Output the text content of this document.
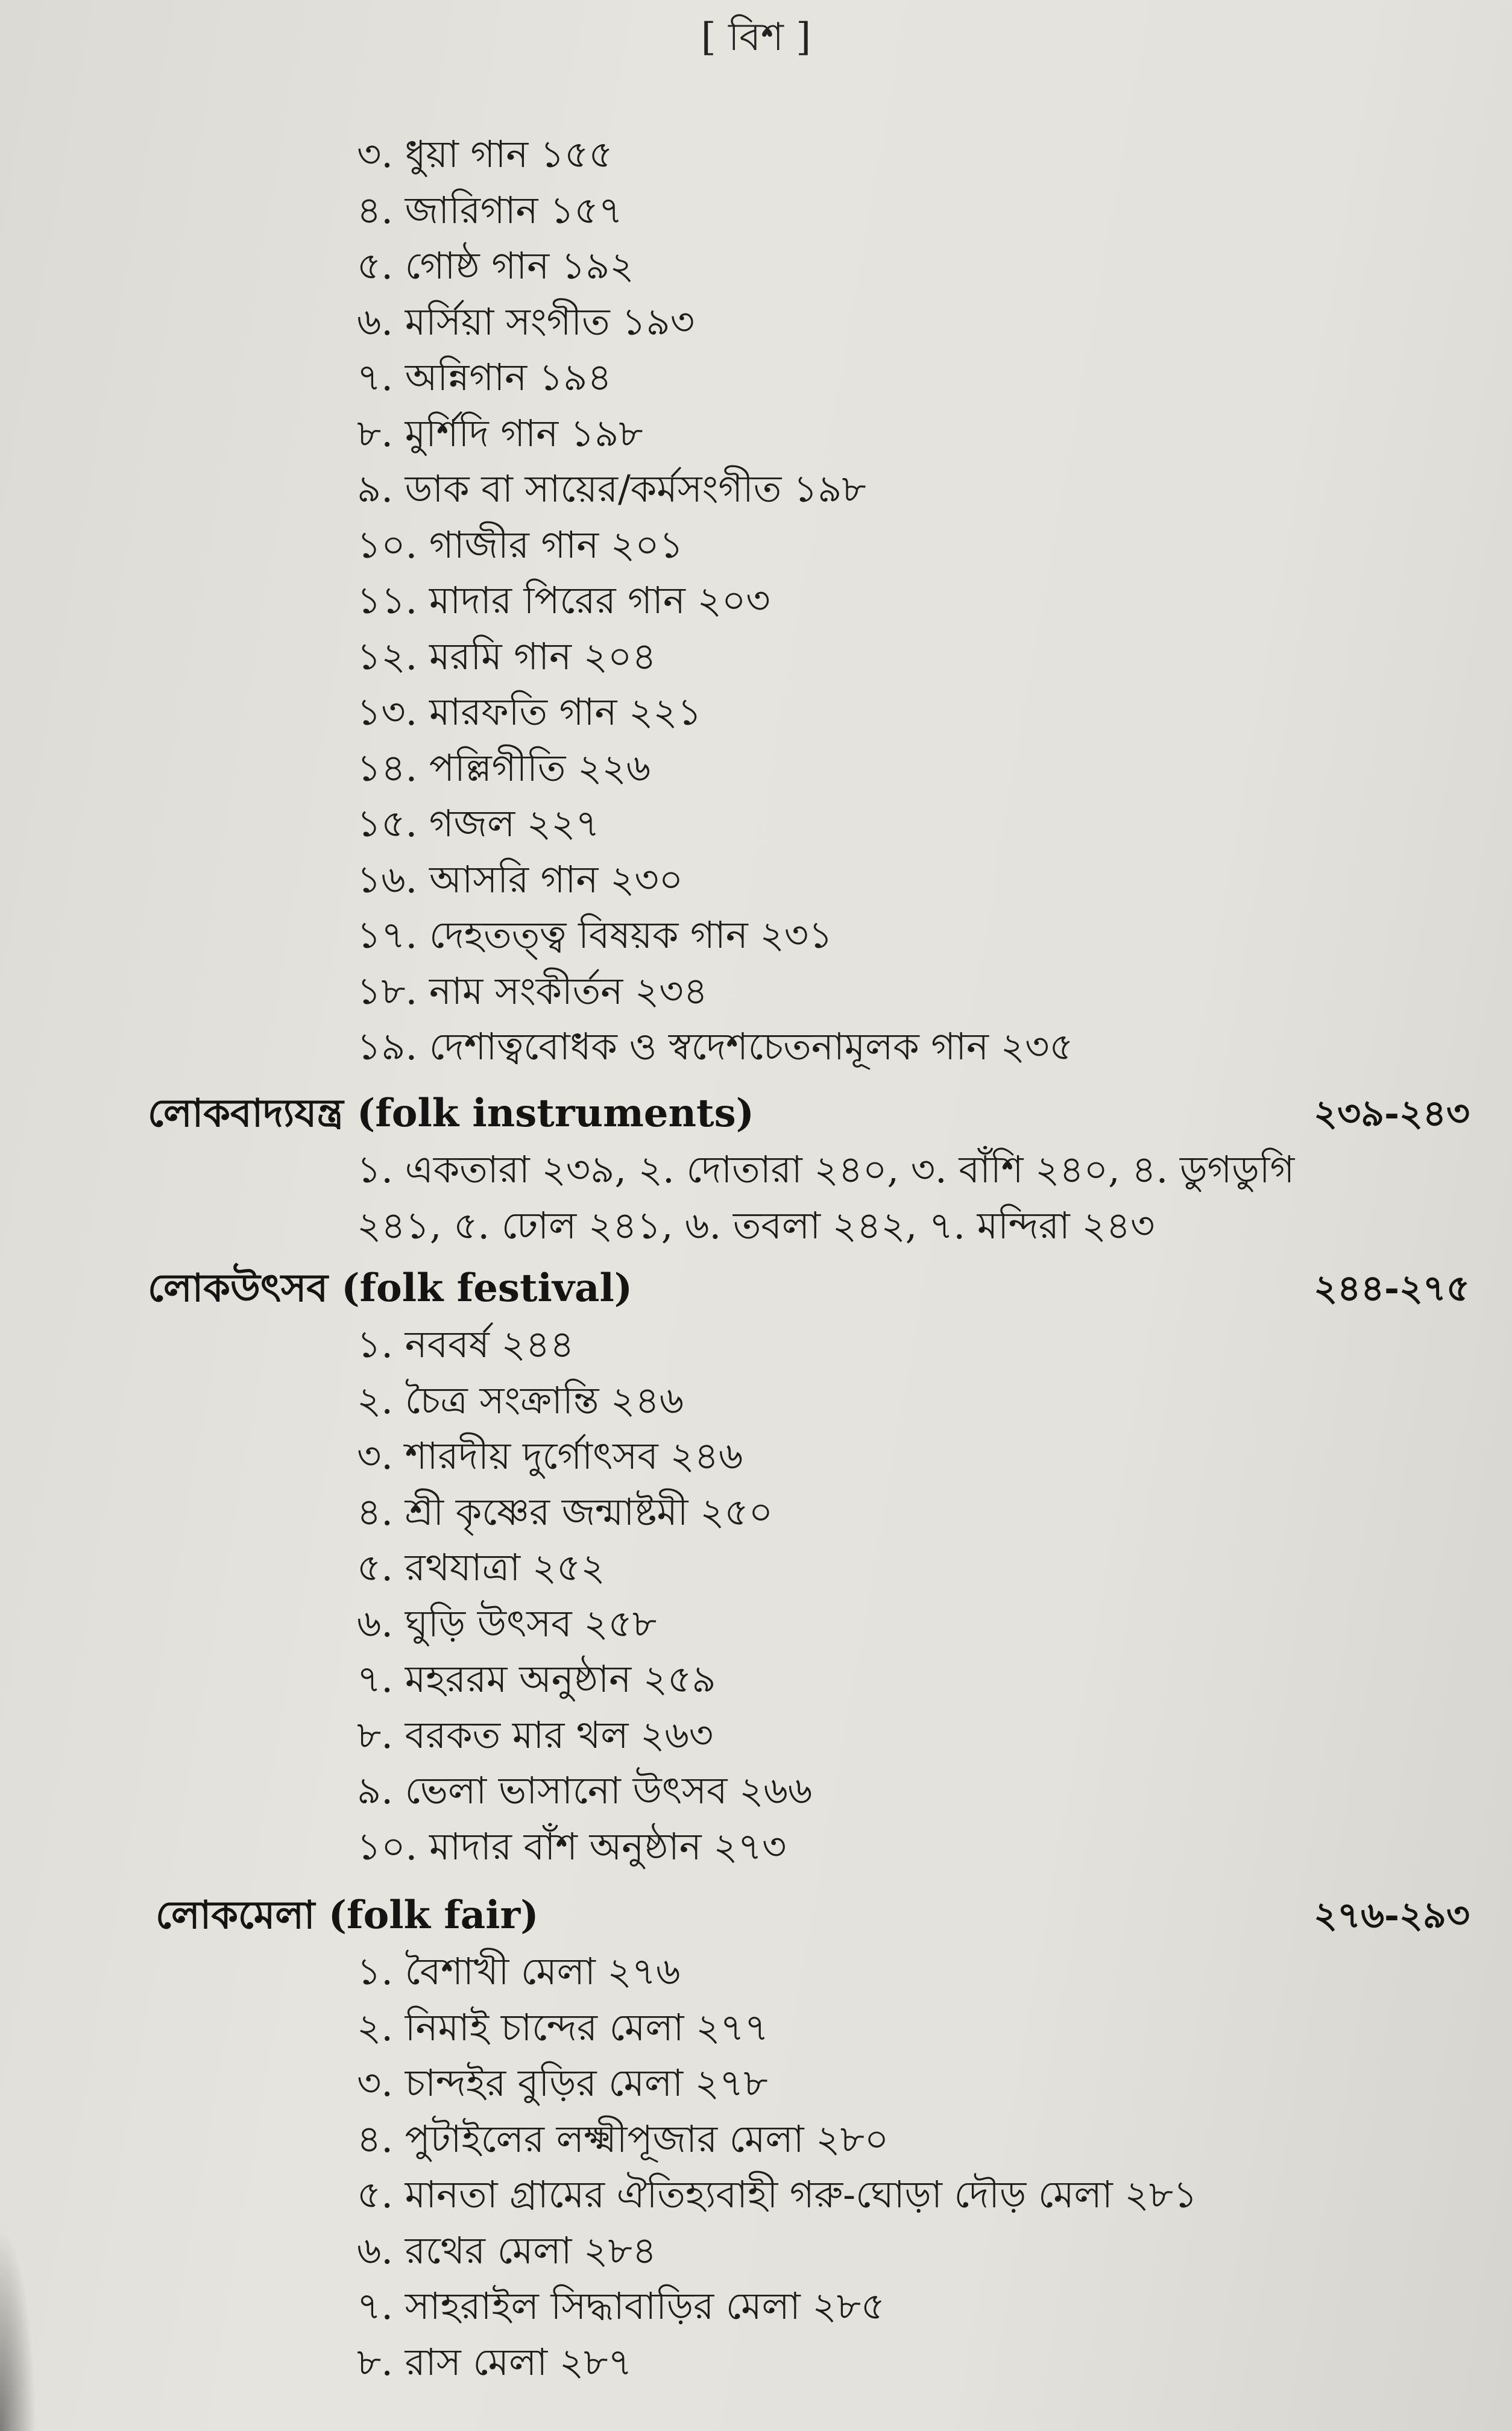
[ বিশ ]
৩. ধুয়া গান ১৫৫
৪. জারিগান ১৫৭
৫. গোষ্ঠ গান ১৯২
৬. মর্সিয়া সংগীত ১৯৩
৭. অন্নিগান ১৯৪
৮. মুর্শিদি গান ১৯৮
৯. ডাক বা সায়ের/কর্মসংগীত ১৯৮
১০. গাজীর গান ২০১
১১. মাদার পিরের গান ২০৩
১২. মরমি গান ২০৪
১৩. মারফতি গান ২২১
১৪. পল্লিগীতি ২২৬
১৫. গজল ২২৭
১৬. আসরি গান ২৩০
১৭. দেহতত্ত্ব বিষয়ক গান ২৩১
১৮. নাম সংকীর্তন ২৩৪
১৯. দেশাত্ববোধক ও স্বদেশচেতনামূলক গান ২৩৫
লোকবাদ্যযন্ত্র (folk instruments)	২৩৯-২৪৩
১. একতারা ২৩৯, ২. দোতারা ২৪০, ৩. বাঁশি ২৪০, ৪. ডুগডুগি
২৪১, ৫. ঢোল ২৪১, ৬. তবলা ২৪২, ৭. মন্দিরা ২৪৩
লোকউৎসব (folk festival)	২৪৪-২৭৫
১. নববর্ষ ২৪৪
২. চৈত্র সংক্রান্তি ২৪৬
৩. শারদীয় দুর্গোৎসব ২৪৬
৪. শ্রী কৃষ্ণের জন্মাষ্টমী ২৫০
৫. রথযাত্রা ২৫২
৬. ঘুড়ি উৎসব ২৫৮
৭. মহররম অনুষ্ঠান ২৫৯
৮. বরকত মার থল ২৬৩
৯. ভেলা ভাসানো উৎসব ২৬৬
১০. মাদার বাঁশ অনুষ্ঠান ২৭৩
লোকমেলা (folk fair)	২৭৬-২৯৩
১. বৈশাখী মেলা ২৭৬
২. নিমাই চান্দের মেলা ২৭৭
৩. চান্দইর বুড়ির মেলা ২৭৮
৪. পুটাইলের লক্ষ্মীপূজার মেলা ২৮০
৫. মানতা গ্রামের ঐতিহ্যবাহী গরু-ঘোড়া দৌড় মেলা ২৮১
৬. রথের মেলা ২৮৪
৭. সাহরাইল সিদ্ধাবাড়ির মেলা ২৮৫
৮. রাস মেলা ২৮৭
